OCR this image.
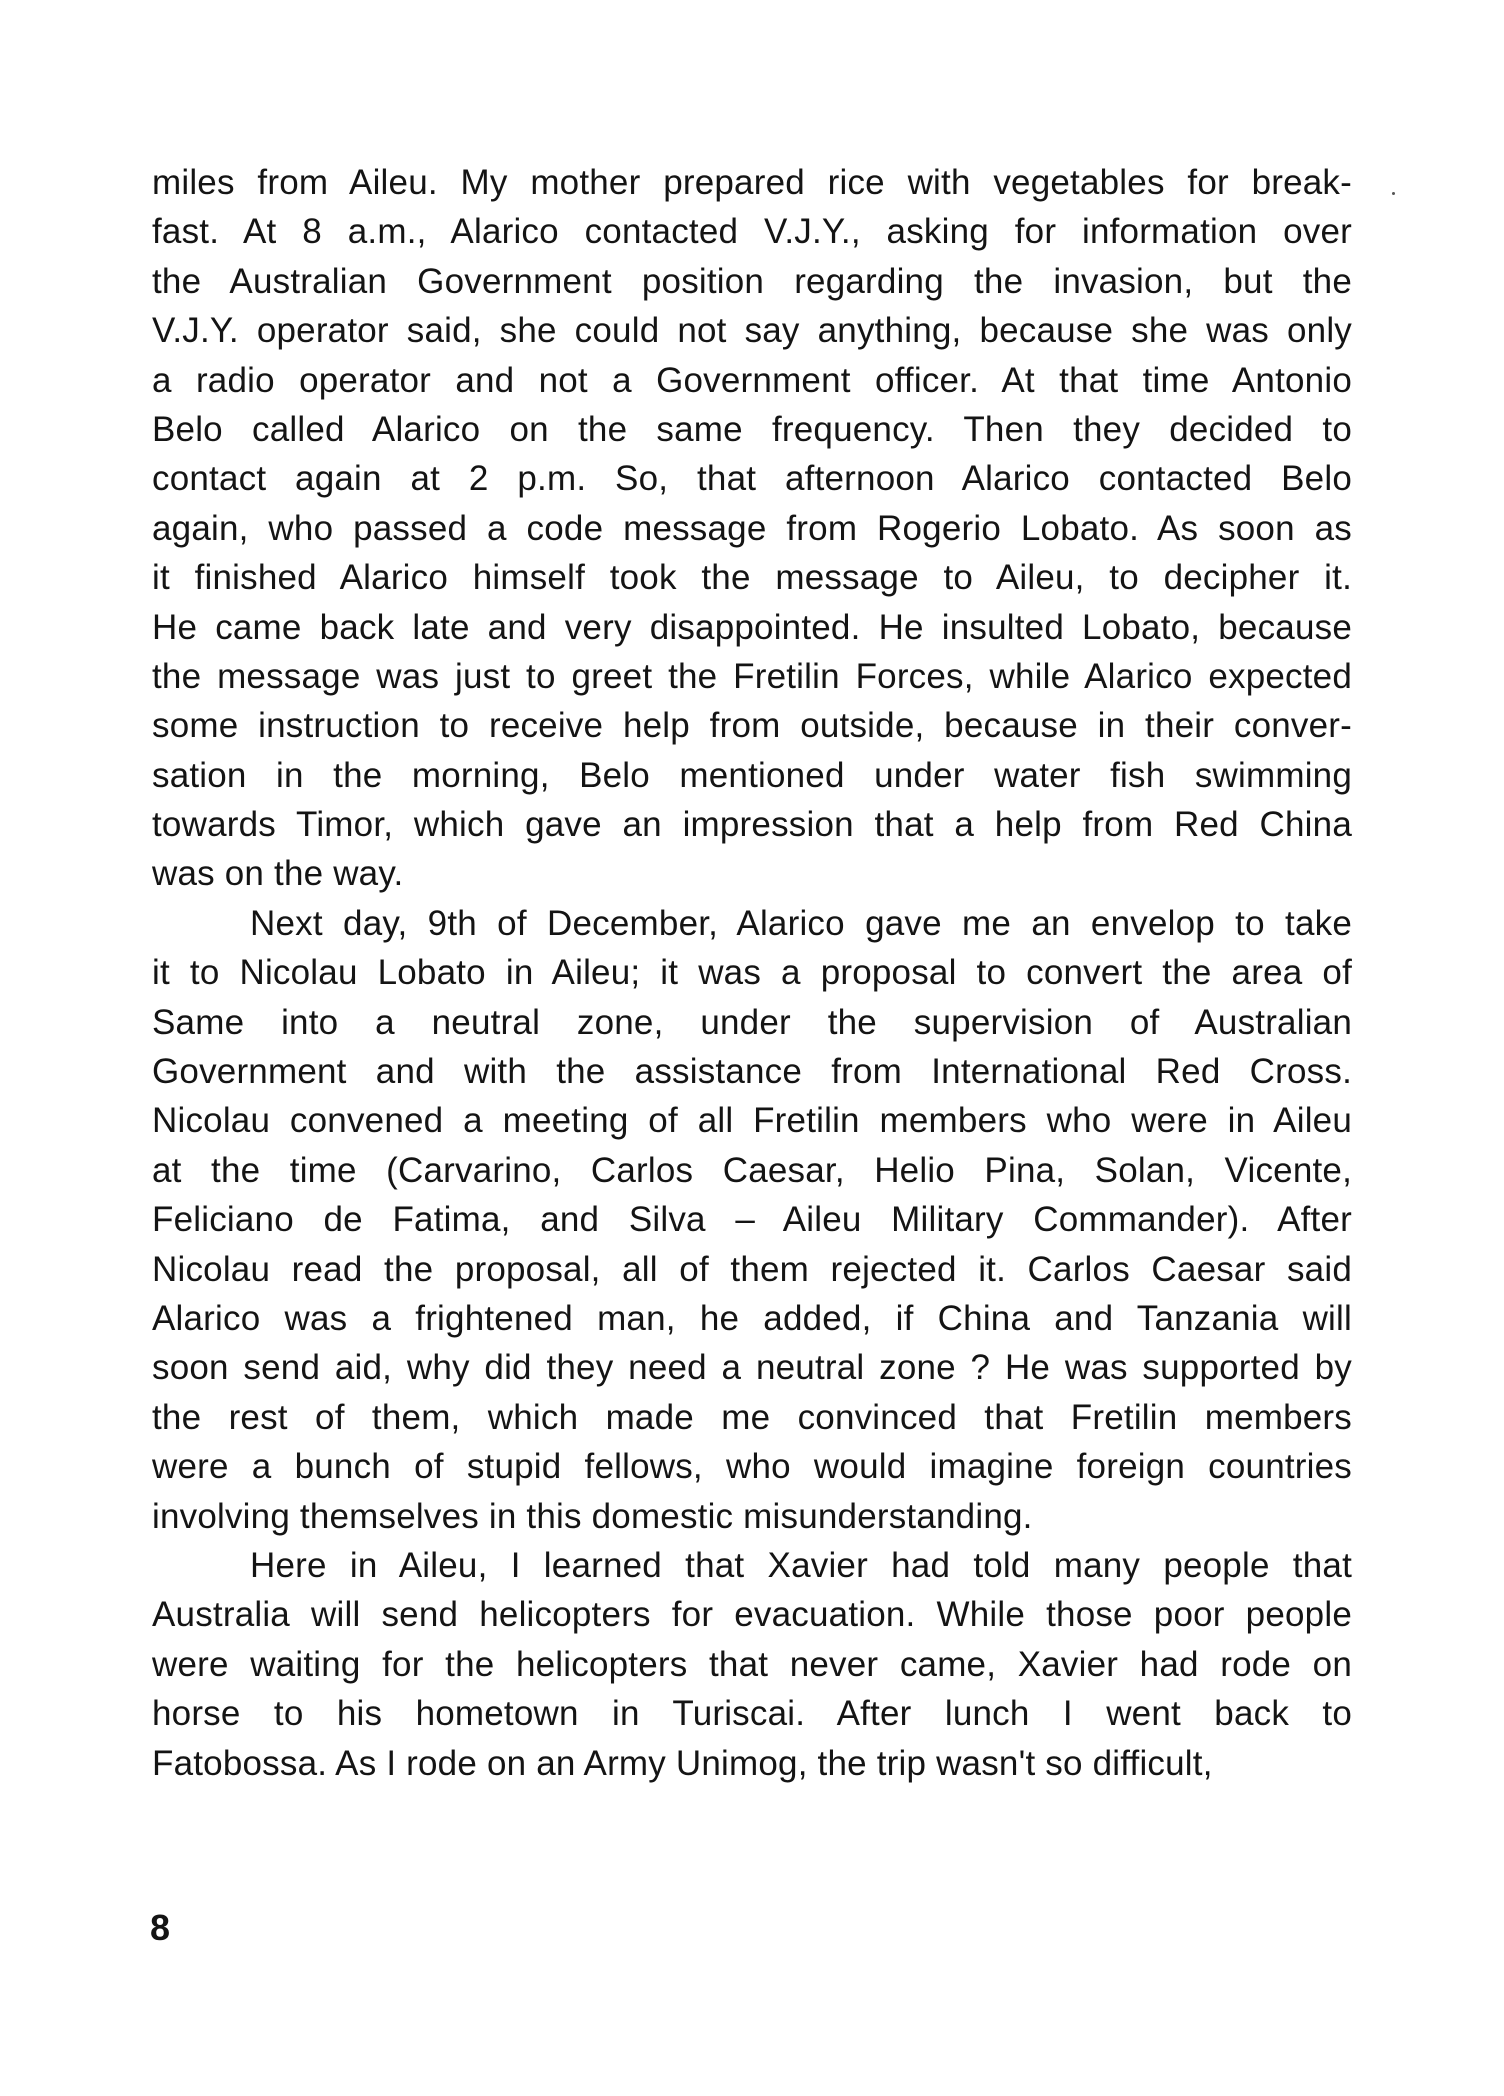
miles from Aileu. My mother prepared rice with vegetables for break-
fast. At 8 a.m., Alarico contacted V.J.Y., asking for information over
the Australian Government position regarding the invasion, but the
V.J.Y. operator said, she could not say anything, because she was only
a radio operator and not a Government officer. At that time Antonio
Belo called Alarico on the same frequency. Then they decided to
contact again at 2 p.m. So, that afternoon Alarico contacted Belo
again, who passed a code message from Rogerio Lobato. As soon as
it finished Alarico himself took the message to Aileu, to decipher it.
He came back late and very disappointed. He insulted Lobato, because
the message was just to greet the Fretilin Forces, while Alarico expected
some instruction to receive help from outside, because in their conver-
sation in the morning, Belo mentioned under water fish swimming
towards Timor, which gave an impression that a help from Red China
was on the way.
Next day, 9th of December, Alarico gave me an envelop to take
it to Nicolau Lobato in Aileu; it was a proposal to convert the area of
Same into a neutral zone, under the supervision of Australian
Government and with the assistance from International Red Cross.
Nicolau convened a meeting of all Fretilin members who were in Aileu
at the time (Carvarino, Carlos Caesar, Helio Pina, Solan, Vicente,
Feliciano de Fatima, and Silva – Aileu Military Commander). After
Nicolau read the proposal, all of them rejected it. Carlos Caesar said
Alarico was a frightened man, he added, if China and Tanzania will
soon send aid, why did they need a neutral zone ? He was supported by
the rest of them, which made me convinced that Fretilin members
were a bunch of stupid fellows, who would imagine foreign countries
involving themselves in this domestic misunderstanding.
Here in Aileu, I learned that Xavier had told many people that
Australia will send helicopters for evacuation. While those poor people
were waiting for the helicopters that never came, Xavier had rode on
horse to his hometown in Turiscai. After lunch I went back to
Fatobossa. As I rode on an Army Unimog, the trip wasn't so difficult,
8
